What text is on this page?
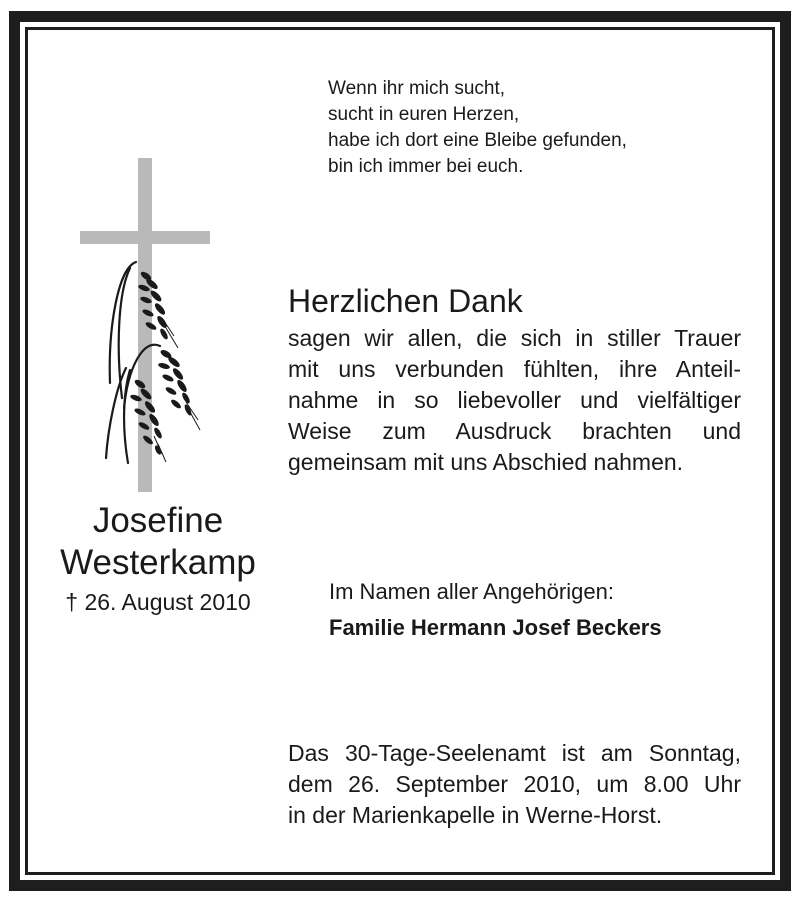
Wenn ihr mich sucht,
sucht in euren Herzen,
habe ich dort eine Bleibe gefunden,
bin ich immer bei euch.
Josefine
Westerkamp
† 26. August 2010
Herzlichen Dank
sagen wir allen, die sich in stiller Trauer
mit uns verbunden fühlten, ihre Anteil-
nahme in so liebevoller und vielfältiger
Weise zum Ausdruck brachten und
gemeinsam mit uns Abschied nahmen.
Im Namen aller Angehörigen:
Familie Hermann Josef Beckers
Das 30-Tage-Seelenamt ist am Sonntag,
dem 26. September 2010, um 8.00 Uhr
in der Marienkapelle in Werne-Horst.
